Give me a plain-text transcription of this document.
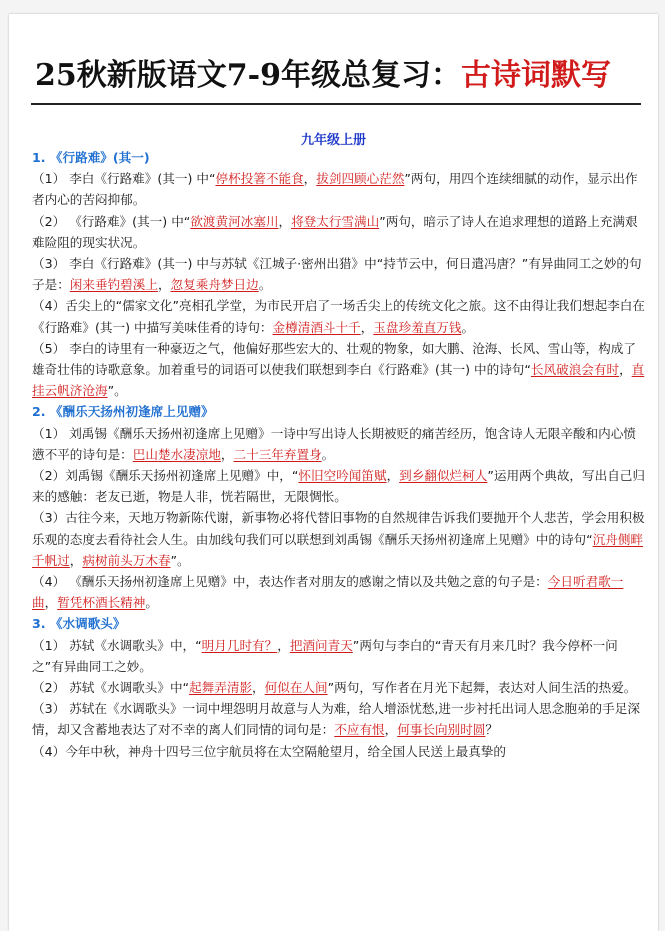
25秋新版语文7-9年级总复习：古诗词默写
九年级上册
1. 《行路难》(其一)

（1） 李白《行路难》(其一) 中“停杯投箸不能食，拔剑四顾心茫然”两句，用四个连续细腻的动作，显示出作者内心的苦闷抑郁。

（2） 《行路难》(其一) 中“欲渡黄河冰塞川，将登太行雪满山”两句，暗示了诗人在追求理想的道路上充满艰难险阻的现实状况。

（3） 李白《行路难》(其一) 中与苏轼《江城子·密州出猎》中“持节云中，何日遣冯唐？”有异曲同工之妙的句子是：闲来垂钓碧溪上，忽复乘舟梦日边。

（4）舌尖上的“儒家文化”亮相孔学堂，为市民开启了一场舌尖上的传统文化之旅。这不由得让我们想起李白在《行路难》(其一) 中描写美味佳肴的诗句：金樽清酒斗十千，玉盘珍羞直万钱。

（5） 李白的诗里有一种豪迈之气，他偏好那些宏大的、壮观的物象，如大鹏、沧海、长风、雪山等，构成了雄奇壮伟的诗歌意象。加着重号的词语可以使我们联想到李白《行路难》(其一) 中的诗句“长风破浪会有时，直挂云帆济沧海”。

2. 《酬乐天扬州初逢席上见赠》

（1） 刘禹锡《酬乐天扬州初逢席上见赠》一诗中写出诗人长期被贬的痛苦经历，饱含诗人无限辛酸和内心愤懑不平的诗句是：巴山楚水凄凉地，二十三年弃置身。

（2）刘禹锡《酬乐天扬州初逢席上见赠》中，“怀旧空吟闻笛赋，到乡翻似烂柯人”运用两个典故，写出自己归来的感触：老友已逝，物是人非，恍若隔世，无限惆怅。

（3）古往今来，天地万物新陈代谢，新事物必将代替旧事物的自然规律告诉我们要抛开个人悲苦，学会用积极乐观的态度去看待社会人生。由加线句我们可以联想到刘禹锡《酬乐天扬州初逢席上见赠》中的诗句“沉舟侧畔千帆过，病树前头万木春”。

（4） 《酬乐天扬州初逢席上见赠》中，表达作者对朋友的感谢之情以及共勉之意的句子是：今日听君歌一曲，暂凭杯酒长精神。

3. 《水调歌头》

（1） 苏轼《水调歌头》中，“明月几时有？，把酒问青天”两句与李白的“青天有月来几时？我今停杯一问之”有异曲同工之妙。

（2） 苏轼《水调歌头》中“起舞弄清影，何似在人间”两句，写作者在月光下起舞，表达对人间生活的热爱。

（3） 苏轼在《水调歌头》一词中埋怨明月故意与人为难，给人增添忧愁,进一步衬托出词人思念胞弟的手足深情，却又含蓄地表达了对不幸的离人们同情的词句是：不应有恨，何事长向别时圆？

（4）今年中秋，神舟十四号三位宇航员将在太空隔舱望月，给全国人民送上最真挚的
